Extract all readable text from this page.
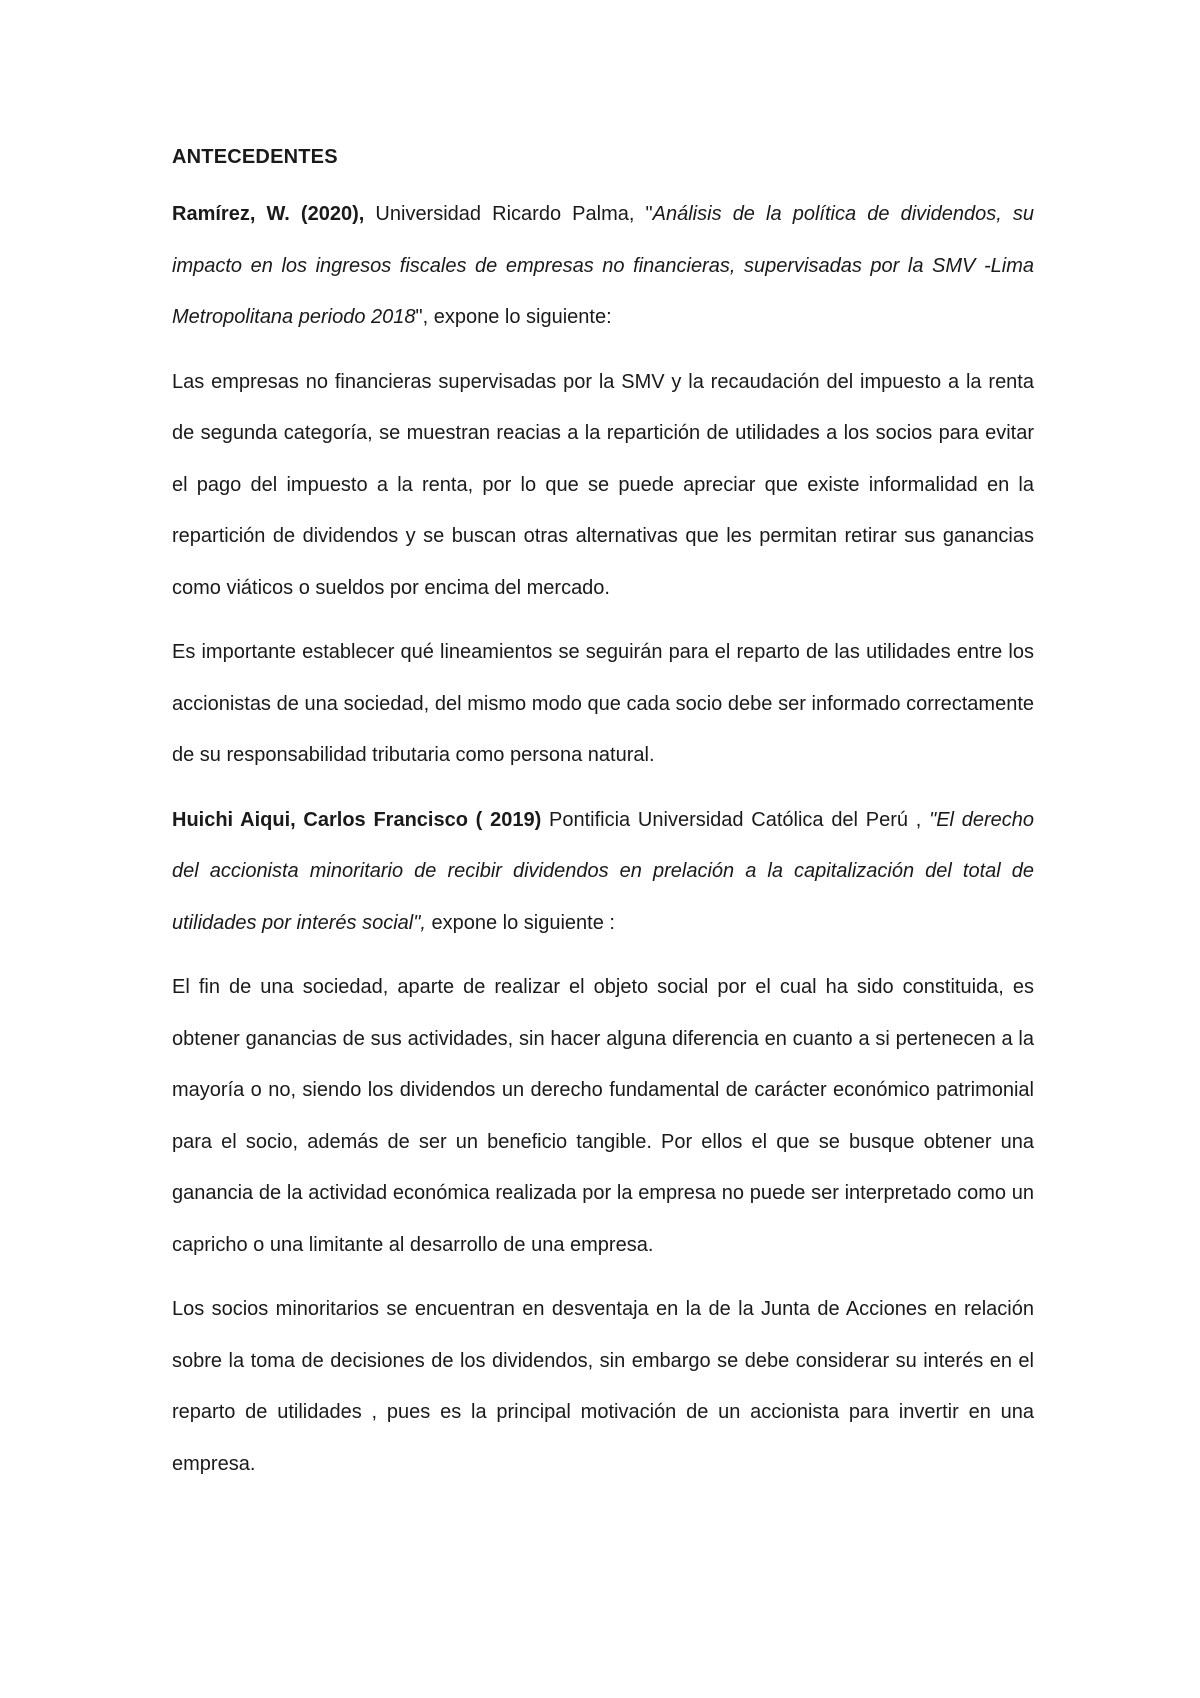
ANTECEDENTES

Ramírez, W. (2020), Universidad Ricardo Palma, "Análisis de la política de dividendos, su impacto en los ingresos fiscales de empresas no financieras, supervisadas por la SMV -Lima Metropolitana periodo 2018", expone lo siguiente:

Las empresas no financieras supervisadas por la SMV y la recaudación del impuesto a la renta de segunda categoría, se muestran reacias a la repartición de utilidades a los socios para evitar el pago del impuesto a la renta, por lo que se puede apreciar que existe informalidad en la repartición de dividendos y se buscan otras alternativas que les permitan retirar sus ganancias como viáticos o sueldos por encima del mercado.

Es importante establecer qué lineamientos se seguirán para el reparto de las utilidades entre los accionistas de una sociedad, del mismo modo que cada socio debe ser informado correctamente de su responsabilidad tributaria como persona natural.

Huichi Aiqui, Carlos Francisco ( 2019) Pontificia Universidad Católica del Perú , "El derecho del accionista minoritario de recibir dividendos en prelación a la capitalización del total de utilidades por interés social", expone lo siguiente :

El fin de una sociedad, aparte de realizar el objeto social por el cual ha sido constituida, es obtener ganancias de sus actividades, sin hacer alguna diferencia en cuanto a si pertenecen a la mayoría o no, siendo los dividendos un derecho fundamental de carácter económico patrimonial para el socio, además de ser un beneficio tangible. Por ellos el que se busque obtener una ganancia de la actividad económica realizada por la empresa no puede ser interpretado como un capricho o una limitante al desarrollo de una empresa.

Los socios minoritarios se encuentran en desventaja en la de la Junta de Acciones en relación sobre la toma de decisiones de los dividendos, sin embargo se debe considerar su interés en el reparto de utilidades , pues es la principal motivación de un accionista para invertir en una empresa.
